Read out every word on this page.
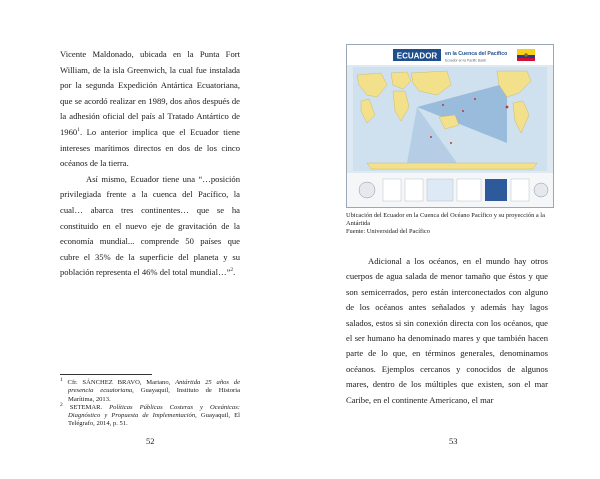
Vicente Maldonado, ubicada en la Punta Fort William, de la isla Greenwich, la cual fue instalada por la segunda Expedición Antártica Ecuatoriana, que se acordó realizar en 1989, dos años después de la adhesión oficial del país al Tratado Antártico de 1960$^1$. Lo anterior implica que el Ecuador tiene intereses marítimos directos en dos de los cinco océanos de la tierra.

Así mismo, Ecuador tiene una “…posición privilegiada frente a la cuenca del Pacífico, la cual… abarca tres continentes… que se ha constituido en el nuevo eje de gravitación de la economía mundial... comprende 50 países que cubre el 35% de la superficie del planeta y su población representa el 46% del total mundial…”$^2$.

$^1$ Cfr. SÁNCHEZ BRAVO, Mariano, Antártida 25 años de presencia ecuatoriana, Guayaquil, Instituto de Historia Marítima, 2013.

$^2$ SETEMAR. Políticas Públicas Costeras y Oceánicas: Diagnóstico y Propuesta de Implementación, Guayaquil, El Telégrafo, 2014, p. 51.

52
ECUADOR en la Cuenca del Pacífico
Ecuador en la Pacific Basin

Ubicación del Ecuador en la Cuenca del Océano Pacífico y su proyección a la Antártida

Fuente: Universidad del Pacífico

Adicional a los océanos, en el mundo hay otros cuerpos de agua salada de menor tamaño que éstos y que son semicerrados, pero están interconectados con alguno de los océanos antes señalados y además hay lagos salados, estos si sin conexión directa con los océanos, que el ser humano ha denominado mares y que también hacen parte de lo que, en términos generales, denominamos océanos. Ejemplos cercanos y conocidos de algunos mares, dentro de los múltiples que existen, son el mar Caribe, en el continente Americano, el mar

53
